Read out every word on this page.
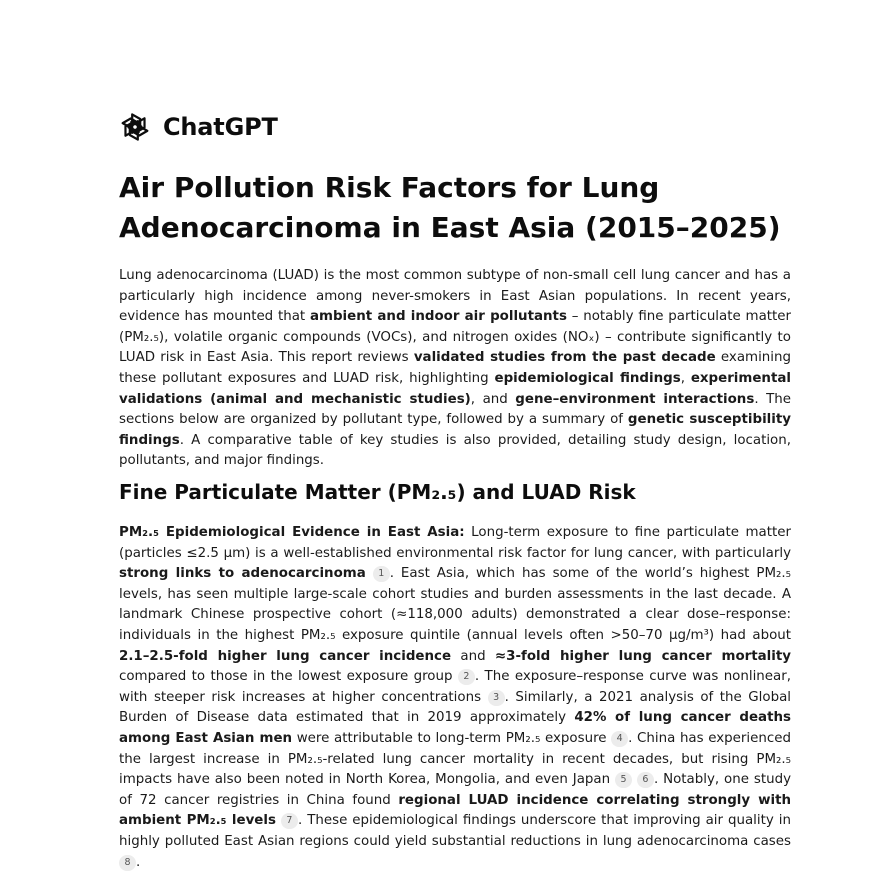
ChatGPT
Air Pollution Risk Factors for Lung Adenocarcinoma in East Asia (2015–2025)

Lung adenocarcinoma (LUAD) is the most common subtype of non-small cell lung cancer and has a particularly high incidence among never-smokers in East Asian populations. In recent years, evidence has mounted that ambient and indoor air pollutants – notably fine particulate matter (PM₂.₅), volatile organic compounds (VOCs), and nitrogen oxides (NOₓ) – contribute significantly to LUAD risk in East Asia. This report reviews validated studies from the past decade examining these pollutant exposures and LUAD risk, highlighting epidemiological findings, experimental validations (animal and mechanistic studies), and gene–environment interactions. The sections below are organized by pollutant type, followed by a summary of genetic susceptibility findings. A comparative table of key studies is also provided, detailing study design, location, pollutants, and major findings.

Fine Particulate Matter (PM₂.₅) and LUAD Risk

PM₂.₅ Epidemiological Evidence in East Asia: Long-term exposure to fine particulate matter (particles ≤2.5 μm) is a well-established environmental risk factor for lung cancer, with particularly strong links to adenocarcinoma 1 . East Asia, which has some of the world’s highest PM₂.₅ levels, has seen multiple large-scale cohort studies and burden assessments in the last decade. A landmark Chinese prospective cohort (≈118,000 adults) demonstrated a clear dose–response: individuals in the highest PM₂.₅ exposure quintile (annual levels often >50–70 μg/m³) had about 2.1–2.5-fold higher lung cancer incidence and ≈3-fold higher lung cancer mortality compared to those in the lowest exposure group 2 . The exposure–response curve was nonlinear, with steeper risk increases at higher concentrations 3 . Similarly, a 2021 analysis of the Global Burden of Disease data estimated that in 2019 approximately 42% of lung cancer deaths among East Asian men were attributable to long-term PM₂.₅ exposure 4 . China has experienced the largest increase in PM₂.₅-related lung cancer mortality in recent decades, but rising PM₂.₅ impacts have also been noted in North Korea, Mongolia, and even Japan 5 6 . Notably, one study of 72 cancer registries in China found regional LUAD incidence correlating strongly with ambient PM₂.₅ levels 7 . These epidemiological findings underscore that improving air quality in highly polluted East Asian regions could yield substantial reductions in lung adenocarcinoma cases 8 .
